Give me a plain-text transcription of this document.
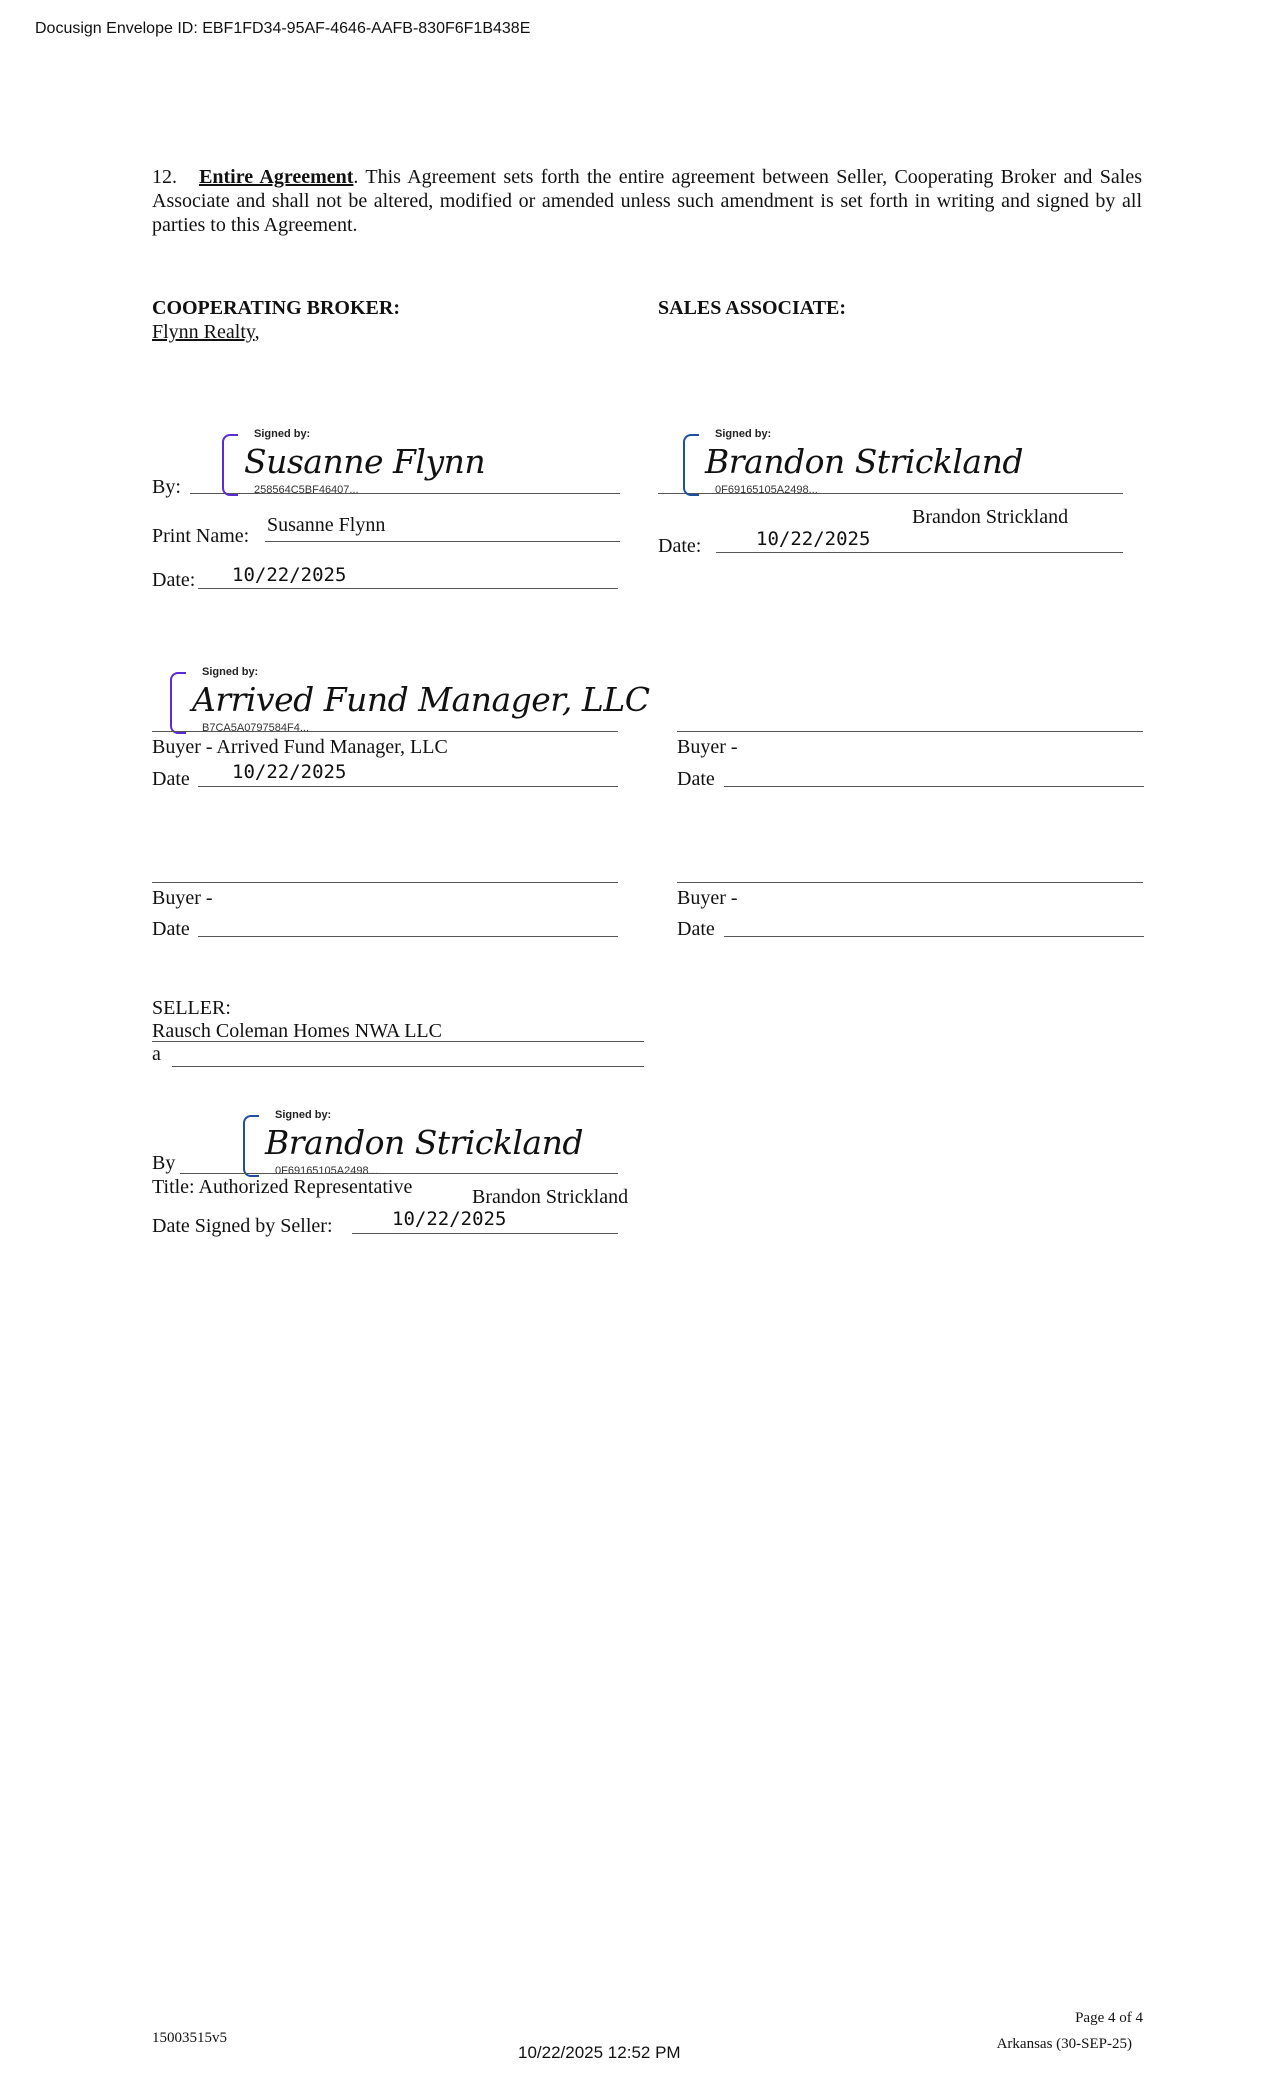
Docusign Envelope ID: EBF1FD34-95AF-4646-AAFB-830F6F1B438E
12. Entire Agreement. This Agreement sets forth the entire agreement between Seller, Cooperating Broker and Sales Associate and shall not be altered, modified or amended unless such amendment is set forth in writing and signed by all parties to this Agreement.
COOPERATING BROKER:
Flynn Realty,
SALES ASSOCIATE:
By:
Signed by:
Susanne Flynn
258564C5BF46407...
Print Name: Susanne Flynn
Date: 10/22/2025
Signed by:
Brandon Strickland
0F69165105A2498...
Brandon Strickland
Date:	10/22/2025
Signed by:
Arrived Fund Manager, LLC
B7CA5A0797584F4...
Buyer - Arrived Fund Manager, LLC
Date 10/22/2025
Buyer -
Date
Buyer -
Date
Buyer -
Date
SELLER:
Rausch Coleman Homes NWA LLC
a
Signed by:
Brandon Strickland
0F69165105A2498...
By
Title: Authorized Representative	Brandon Strickland
Date Signed by Seller:	10/22/2025
Page 4 of 4
15003515v5
10/22/2025 12:52 PM	Arkansas (30-SEP-25)
